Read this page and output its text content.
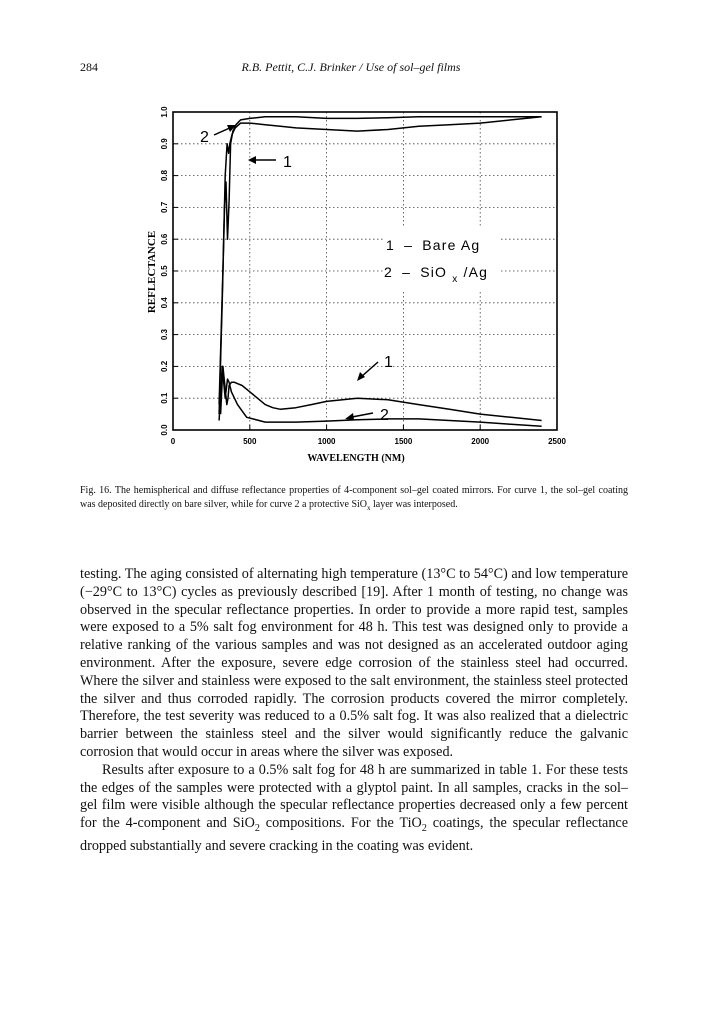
284	R.B. Pettit, C.J. Brinker / Use of sol–gel films
0.0
0.1
0.2
0.3
0.4
0.5
0.6
0.7
0.8
0.9
1.0
0	500	1000	1500	2000	2500
REFLECTANCE
WAVELENGTH (NM)
1 – Bare Ag
2 – SiO $_x$ /Ag
2
1
1
2
Fig. 16. The hemispherical and diffuse reflectance properties of 4-component sol–gel coated mirrors. For curve 1, the sol–gel coating was deposited directly on bare silver, while for curve 2 a protective SiO$_x$ layer was interposed.

testing. The aging consisted of alternating high temperature (13°C to 54°C) and low temperature (−29°C to 13°C) cycles as previously described [19]. After 1 month of testing, no change was observed in the specular reflectance properties. In order to provide a more rapid test, samples were exposed to a 5% salt fog environment for 48 h. This test was designed only to provide a relative ranking of the various samples and was not designed as an accelerated outdoor aging environment. After the exposure, severe edge corrosion of the stainless steel had occurred. Where the silver and stainless were exposed to the salt environment, the stainless steel protected the silver and thus corroded rapidly. The corrosion products covered the mirror completely. Therefore, the test severity was reduced to a 0.5% salt fog. It was also realized that a dielectric barrier between the stainless steel and the silver would significantly reduce the galvanic corrosion that would occur in areas where the silver was exposed.

Results after exposure to a 0.5% salt fog for 48 h are summarized in table 1. For these tests the edges of the samples were protected with a glyptol paint. In all samples, cracks in the sol–gel film were visible although the specular reflectance properties decreased only a few percent for the 4-component and SiO$_2$ compositions. For the TiO$_2$ coatings, the specular reflectance dropped substantially and severe cracking in the coating was evident.
